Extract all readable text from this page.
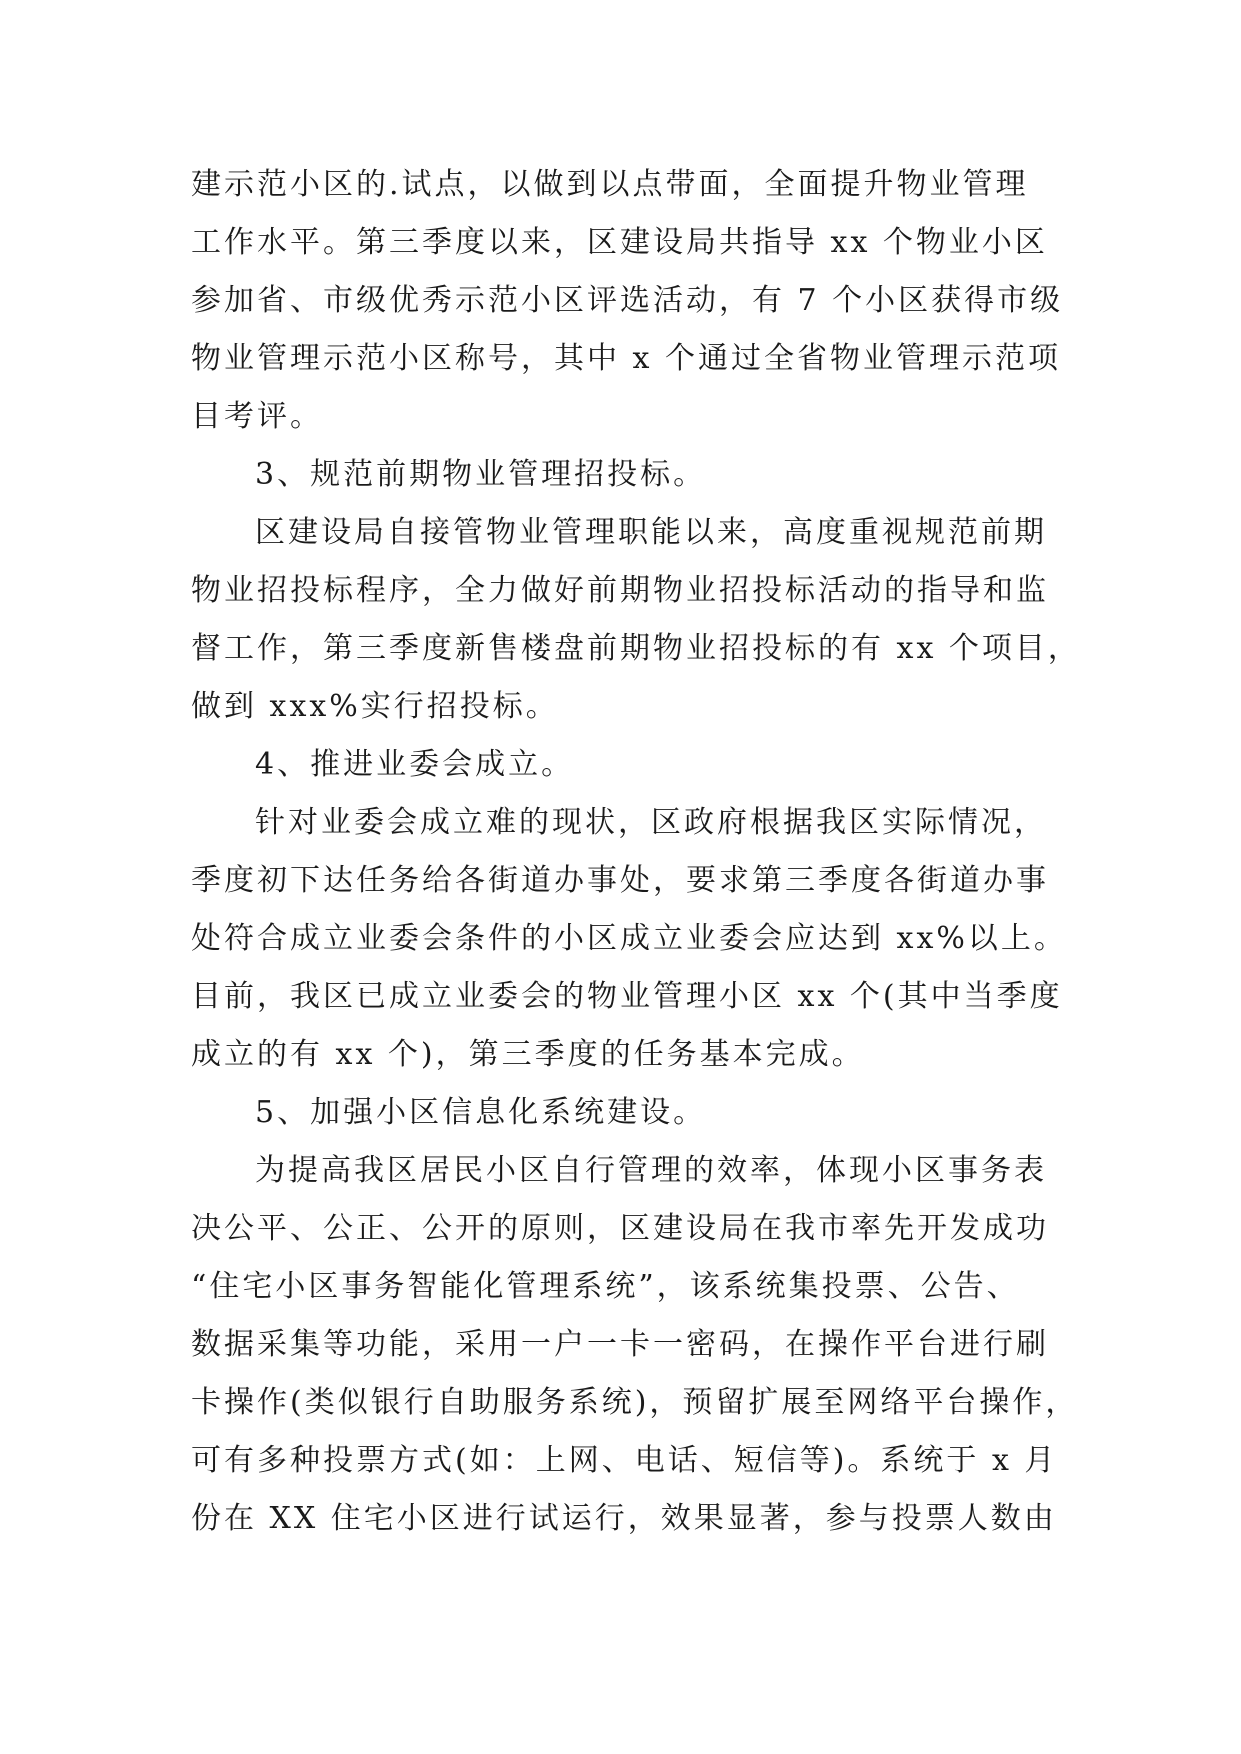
建示范小区的.试点，以做到以点带面，全面提升物业管理
工作水平。第三季度以来，区建设局共指导 xx 个物业小区
参加省、市级优秀示范小区评选活动，有 7 个小区获得市级
物业管理示范小区称号，其中 x 个通过全省物业管理示范项
目考评。
3、规范前期物业管理招投标。
区建设局自接管物业管理职能以来，高度重视规范前期
物业招投标程序，全力做好前期物业招投标活动的指导和监
督工作，第三季度新售楼盘前期物业招投标的有 xx 个项目，
做到 xxx%实行招投标。
4、推进业委会成立。
针对业委会成立难的现状，区政府根据我区实际情况，
季度初下达任务给各街道办事处，要求第三季度各街道办事
处符合成立业委会条件的小区成立业委会应达到 xx%以上。
目前，我区已成立业委会的物业管理小区 xx 个(其中当季度
成立的有 xx 个)，第三季度的任务基本完成。
5、加强小区信息化系统建设。
为提高我区居民小区自行管理的效率，体现小区事务表
决公平、公正、公开的原则，区建设局在我市率先开发成功
“住宅小区事务智能化管理系统”，该系统集投票、公告、
数据采集等功能，采用一户一卡一密码，在操作平台进行刷
卡操作(类似银行自助服务系统)，预留扩展至网络平台操作，
可有多种投票方式(如：上网、电话、短信等)。系统于 x 月
份在 XX 住宅小区进行试运行，效果显著，参与投票人数由
